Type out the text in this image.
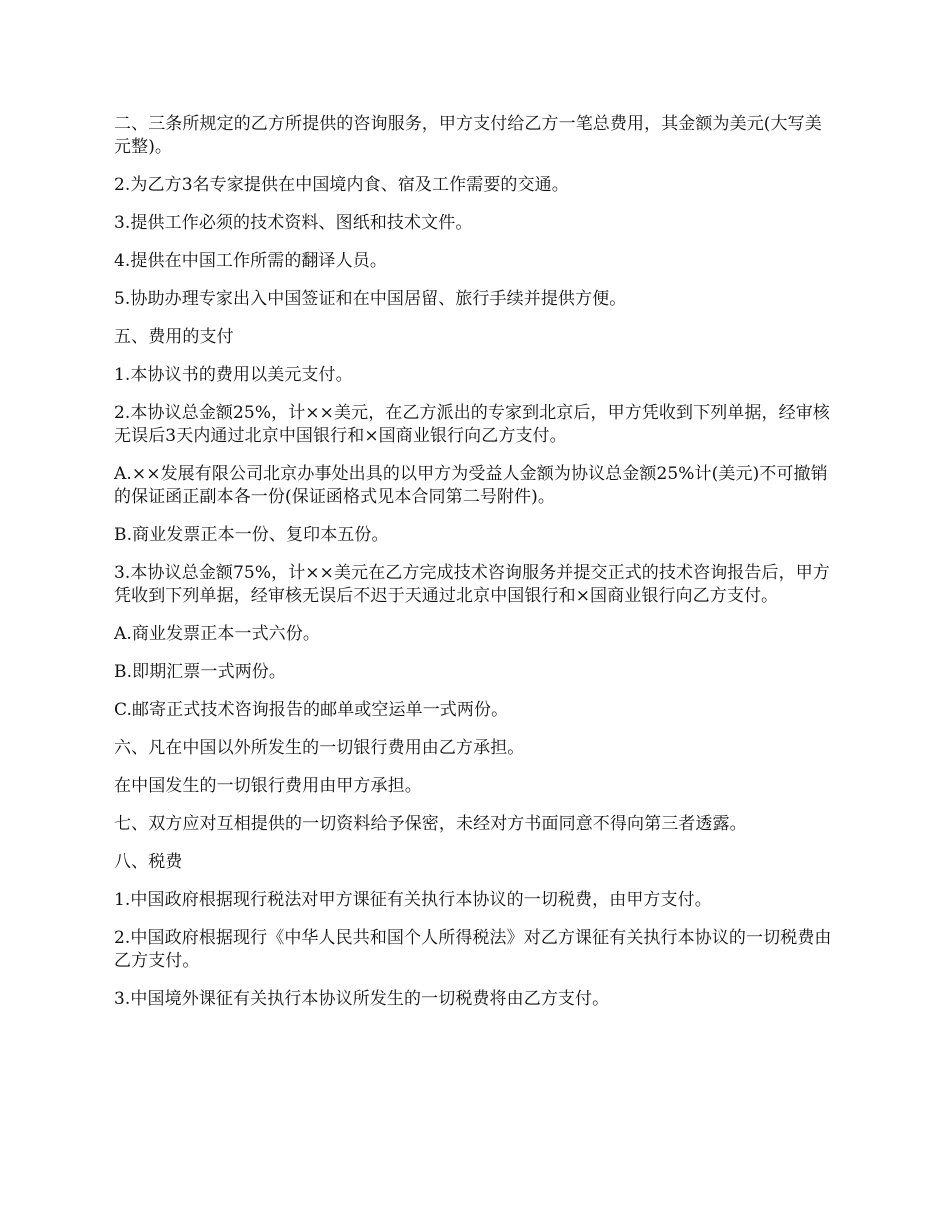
二、三条所规定的乙方所提供的咨询服务，甲方支付给乙方一笔总费用，其金额为美元(大写美元整)。

2.为乙方3名专家提供在中国境内食、宿及工作需要的交通。

3.提供工作必须的技术资料、图纸和技术文件。

4.提供在中国工作所需的翻译人员。

5.协助办理专家出入中国签证和在中国居留、旅行手续并提供方便。

五、费用的支付

1.本协议书的费用以美元支付。

2.本协议总金额25%，计××美元，在乙方派出的专家到北京后，甲方凭收到下列单据，经审核无误后3天内通过北京中国银行和×国商业银行向乙方支付。

A.××发展有限公司北京办事处出具的以甲方为受益人金额为协议总金额25%计(美元)不可撤销的保证函正副本各一份(保证函格式见本合同第二号附件)。

B.商业发票正本一份、复印本五份。

3.本协议总金额75%，计××美元在乙方完成技术咨询服务并提交正式的技术咨询报告后，甲方凭收到下列单据，经审核无误后不迟于天通过北京中国银行和×国商业银行向乙方支付。

A.商业发票正本一式六份。

B.即期汇票一式两份。

C.邮寄正式技术咨询报告的邮单或空运单一式两份。

六、凡在中国以外所发生的一切银行费用由乙方承担。

在中国发生的一切银行费用由甲方承担。

七、双方应对互相提供的一切资料给予保密，未经对方书面同意不得向第三者透露。

八、税费

1.中国政府根据现行税法对甲方课征有关执行本协议的一切税费，由甲方支付。

2.中国政府根据现行《中华人民共和国个人所得税法》对乙方课征有关执行本协议的一切税费由乙方支付。

3.中国境外课征有关执行本协议所发生的一切税费将由乙方支付。
